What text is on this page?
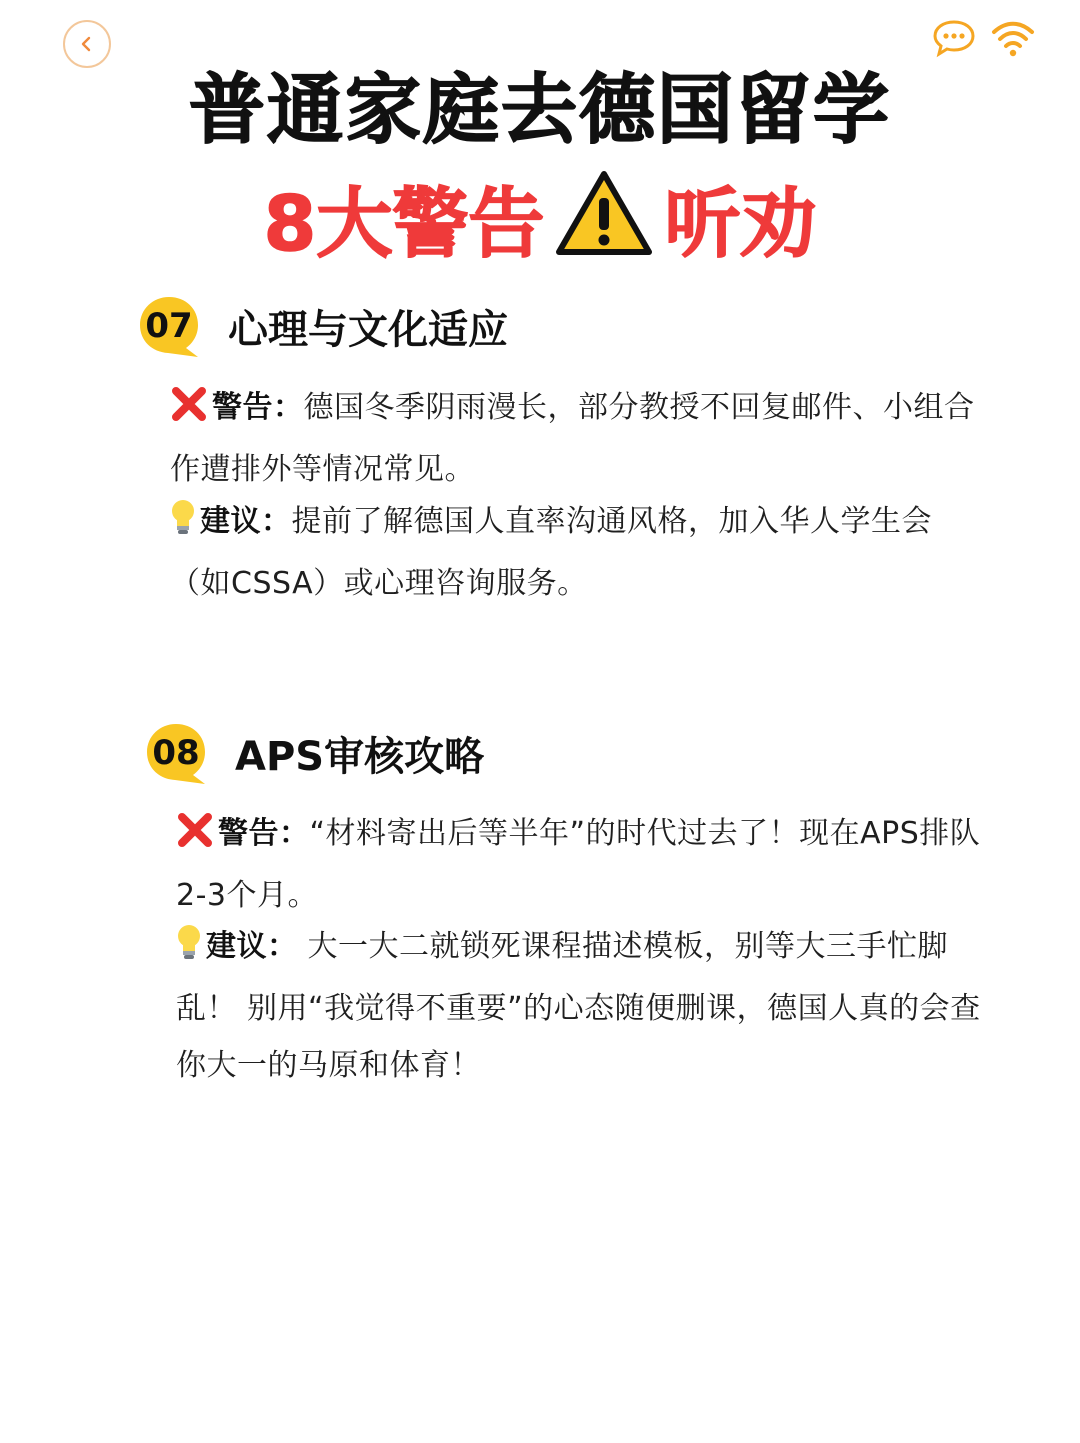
普通家庭去德国留学
8大警告 听劝
07 心理与文化适应
警告：德国冬季阴雨漫长，部分教授不回复邮件、小组合作遭排外等情况常见。
建议：提前了解德国人直率沟通风格，加入华人学生会（如CSSA）或心理咨询服务。
08 APS审核攻略
警告：“材料寄出后等半年”的时代过去了！现在APS排队2-3个月。
建议： 大一大二就锁死课程描述模板，别等大三手忙脚乱！ 别用“我觉得不重要”的心态随便删课，德国人真的会查你大一的马原和体育！
